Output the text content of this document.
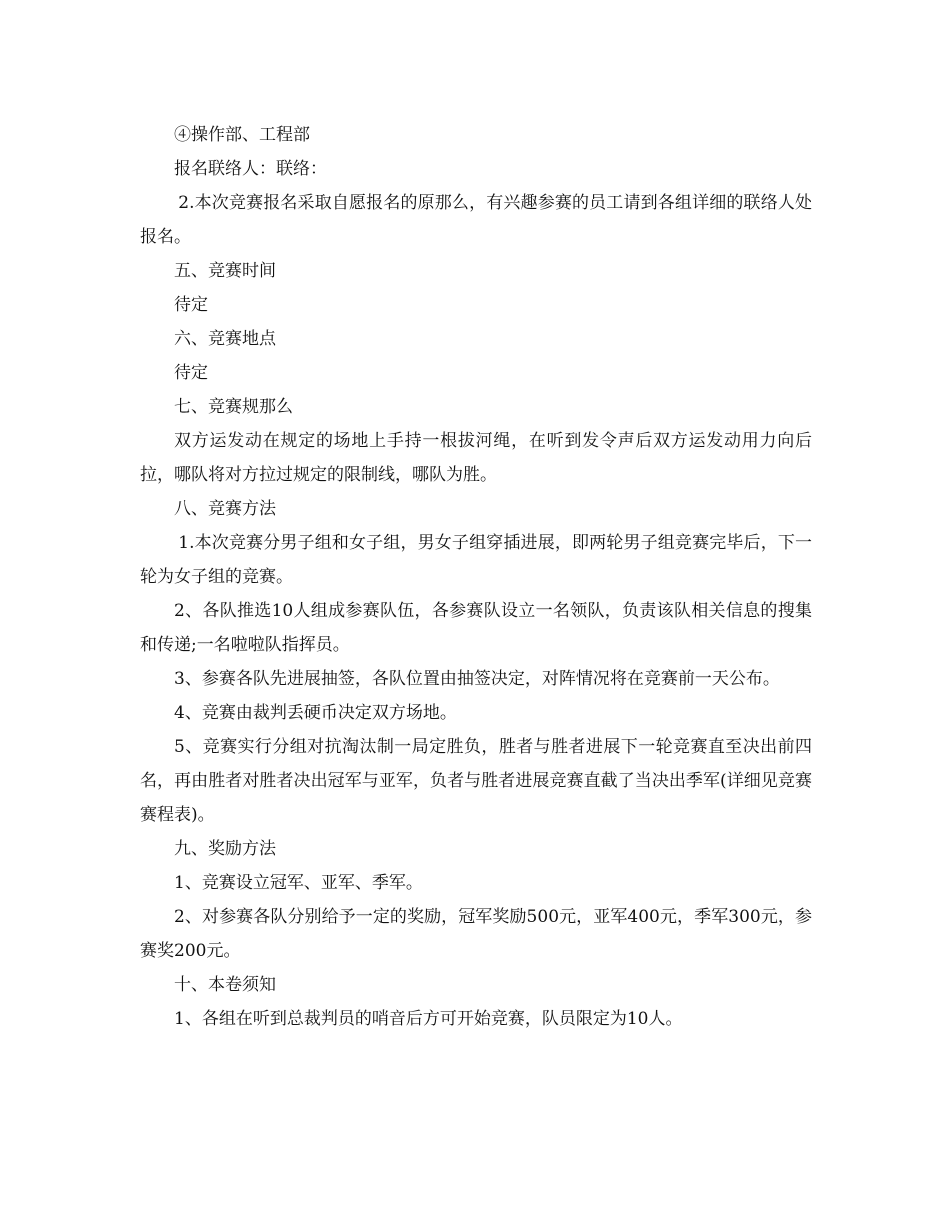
④操作部、工程部

报名联络人：联络：

2.本次竞赛报名采取自愿报名的原那么，有兴趣参赛的员工请到各组详细的联络人处报名。

五、竞赛时间

待定

六、竞赛地点

待定

七、竞赛规那么

双方运发动在规定的场地上手持一根拔河绳，在听到发令声后双方运发动用力向后拉，哪队将对方拉过规定的限制线，哪队为胜。

八、竞赛方法

1.本次竞赛分男子组和女子组，男女子组穿插进展，即两轮男子组竞赛完毕后，下一轮为女子组的竞赛。

2、各队推选10人组成参赛队伍，各参赛队设立一名领队，负责该队相关信息的搜集和传递;一名啦啦队指挥员。

3、参赛各队先进展抽签，各队位置由抽签决定，对阵情况将在竞赛前一天公布。

4、竞赛由裁判丢硬币决定双方场地。

5、竞赛实行分组对抗淘汰制一局定胜负，胜者与胜者进展下一轮竞赛直至决出前四名，再由胜者对胜者决出冠军与亚军，负者与胜者进展竞赛直截了当决出季军(详细见竞赛赛程表)。

九、奖励方法

1、竞赛设立冠军、亚军、季军。

2、对参赛各队分别给予一定的奖励，冠军奖励500元，亚军400元，季军300元，参赛奖200元。

十、本卷须知

1、各组在听到总裁判员的哨音后方可开始竞赛，队员限定为10人。
